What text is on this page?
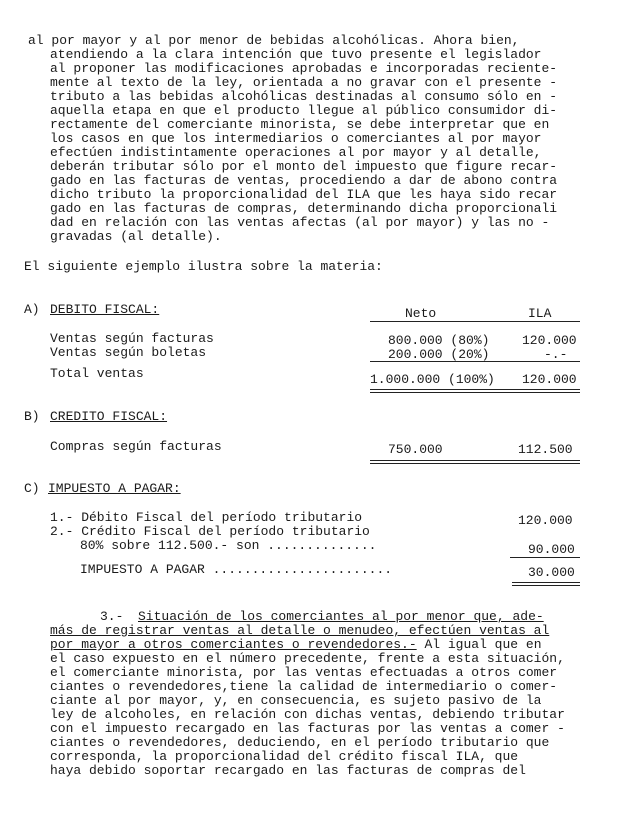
al por mayor y al por menor de bebidas alcohólicas. Ahora bien,
atendiendo a la clara intención que tuvo presente el legislador
al proponer las modificaciones aprobadas e incorporadas reciente-
mente al texto de la ley, orientada a no gravar con el presente -
tributo a las bebidas alcohólicas destinadas al consumo sólo en -
aquella etapa en que el producto llegue al público consumidor di-
rectamente del comerciante minorista, se debe interpretar que en
los casos en que los intermediarios o comerciantes al por mayor
efectúen indistintamente operaciones al por mayor y al detalle,
deberán tributar sólo por el monto del impuesto que figure recar-
gado en las facturas de ventas, procediendo a dar de abono contra
dicho tributo la proporcionalidad del ILA que les haya sido recar
gado en las facturas de compras, determinando dicha proporcionali
dad en relación con las ventas afectas (al por mayor) y las no -
gravadas (al detalle).
El siguiente ejemplo ilustra sobre la materia:
A) DEBITO FISCAL:	Neto	ILA
Ventas según facturas	800.000 (80%)	120.000
Ventas según boletas	200.000 (20%)	-.-
Total ventas	1.000.000 (100%) 120.000
B) CREDITO FISCAL:
Compras según facturas	750.000	112.500
C) IMPUESTO A PAGAR:
1.- Débito Fiscal del período tributario	120.000
2.- Crédito Fiscal del período tributario
80% sobre 112.500.- son ..............	90.000
IMPUESTO A PAGAR .......................	30.000
3.- Situación de los comerciantes al por menor que, ade-
más de registrar ventas al detalle o menudeo, efectúen ventas al
por mayor a otros comerciantes o revendedores.- Al igual que en
el caso expuesto en el número precedente, frente a esta situación,
el comerciante minorista, por las ventas efectuadas a otros comer
ciantes o revendedores,tiene la calidad de intermediario o comer-
ciante al por mayor, y, en consecuencia, es sujeto pasivo de la
ley de alcoholes, en relación con dichas ventas, debiendo tributar
con el impuesto recargado en las facturas por las ventas a comer -
ciantes o revendedores, deduciendo, en el período tributario que
corresponda, la proporcionalidad del crédito fiscal ILA, que
haya debido soportar recargado en las facturas de compras del
